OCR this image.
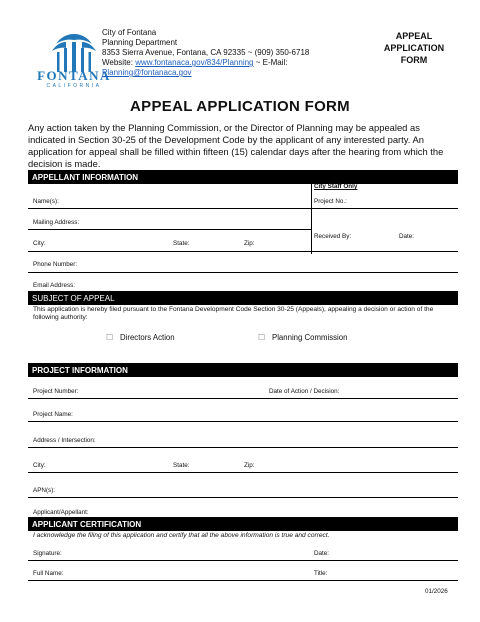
FONTANA
CALIFORNIA
City of Fontana
Planning Department
8353 Sierra Avenue, Fontana, CA 92335 ~ (909) 350-6718
Website: www.fontanaca.gov/834/Planning ~ E-Mail:
Planning@fontanaca.gov
APPEAL
APPLICATION
FORM
APPEAL APPLICATION FORM
Any action taken by the Planning Commission, or the Director of Planning may be appealed as indicated in Section 30-25 of the Development Code by the applicant of any interested party. An application for appeal shall be filled within fifteen (15) calendar days after the hearing from which the decision is made.
APPELLANT INFORMATION
City Staff Only
Name(s):	Project No.:
Mailing Address:
Received By:	Date:
City:	State:	Zip:
Phone Number:
Email Address:
SUBJECT OF APPEAL
This application is hereby filed pursuant to the Fontana Development Code Section 30-25 (Appeals), appealing a decision or action of the following authority:
☐ Directors Action	☐ Planning Commission
PROJECT INFORMATION
Project Number:	Date of Action / Decision:
Project Name:
Address / Intersection:
City:	State:	Zip:
APN(s):
Applicant/Appellant:
APPLICANT CERTIFICATION
I acknowledge the filing of this application and certify that all the above information is true and correct.
Signature:	Date:
Full Name:	Title:
01/2026
